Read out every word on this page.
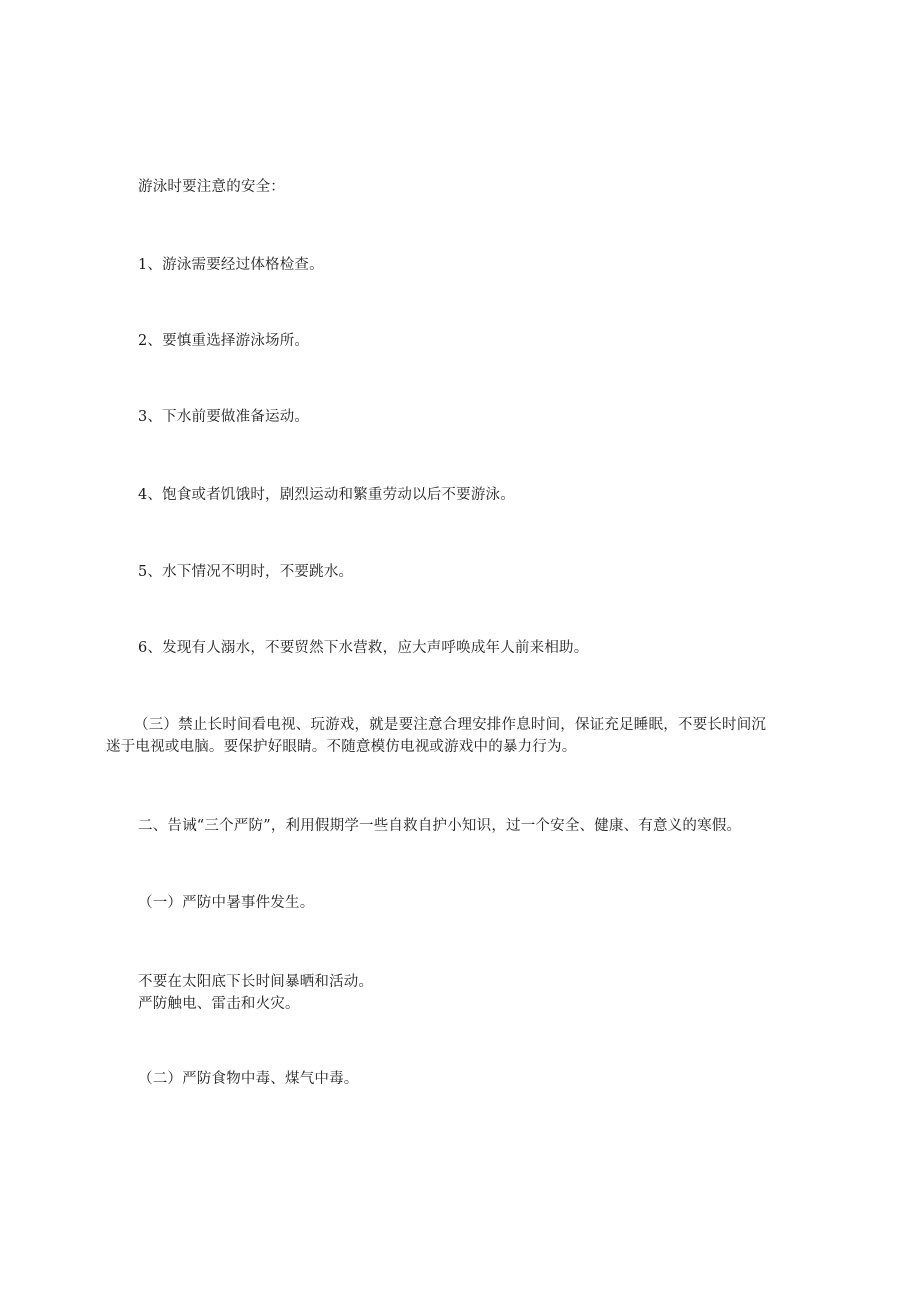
游泳时要注意的安全：
1、游泳需要经过体格检查。
2、要慎重选择游泳场所。
3、下水前要做准备运动。
4、饱食或者饥饿时，剧烈运动和繁重劳动以后不要游泳。
5、水下情况不明时，不要跳水。
6、发现有人溺水，不要贸然下水营救，应大声呼唤成年人前来相助。
（三）禁止长时间看电视、玩游戏，就是要注意合理安排作息时间，保证充足睡眠，不要长时间沉
迷于电视或电脑。要保护好眼睛。不随意模仿电视或游戏中的暴力行为。
二、告诫“三个严防”，利用假期学一些自救自护小知识，过一个安全、健康、有意义的寒假。
（一）严防中暑事件发生。
不要在太阳底下长时间暴晒和活动。
严防触电、雷击和火灾。
（二）严防食物中毒、煤气中毒。
